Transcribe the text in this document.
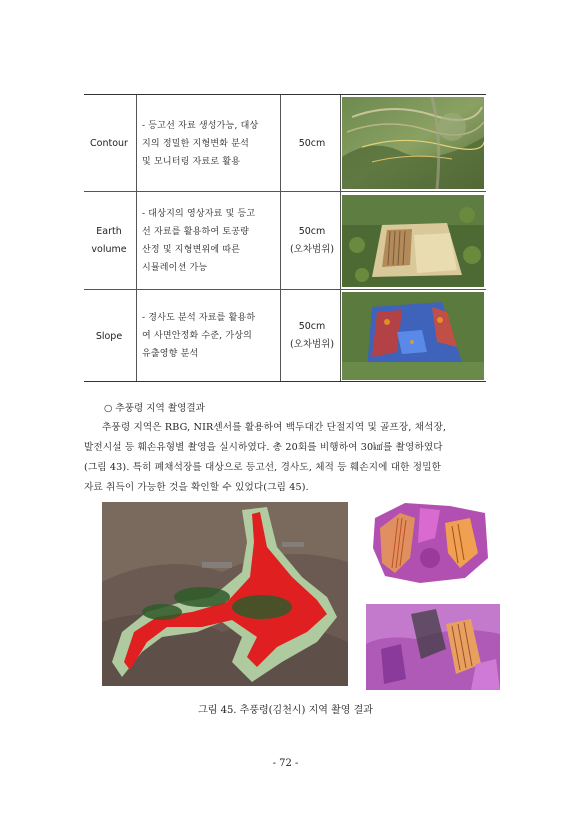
Contour
- 등고선 자료 생성가능, 대상
지의 정밀한 지형변화 분석
및 모니터링 자료로 활용
50cm
Earth
volume
- 대상지의 영상자료 및 등고
선 자료를 활용하여 토공량
산정 및 지형변위에 따른
시뮬레이션 가능
50cm
(오차범위)
Slope
- 경사도 분석 자료를 활용하
여 사면안정화 수준, 가상의
유출영향 분석
50cm
(오차범위)
○ 추풍령 지역 촬영결과
추풍령 지역은 RBG, NIR센서를 활용하여 백두대간 단절지역 및 골프장, 채석장,
발전시설 등 훼손유형별 촬영을 실시하였다. 총 20회를 비행하여 30㎢를 촬영하였다
(그림 43). 특히 폐채석장를 대상으로 등고선, 경사도, 체적 등 훼손지에 대한 정밀한
자료 취득이 가능한 것을 확인할 수 있었다(그림 45).
그림 45. 추풍령(김천시) 지역 촬영 결과
- 72 -
